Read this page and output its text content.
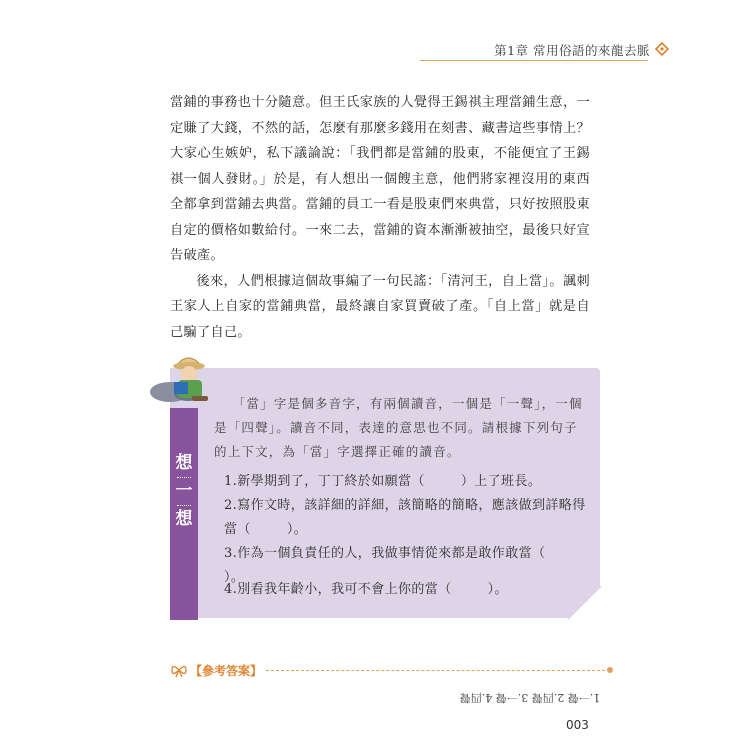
第1章 常用俗語的來龍去脈

當鋪的事務也十分隨意。但王氏家族的人覺得王錫祺主理當鋪生意，一定賺了大錢，不然的話，怎麼有那麼多錢用在刻書、藏書這些事情上？大家心生嫉妒，私下議論說：「我們都是當鋪的股東，不能便宜了王錫祺一個人發財。」於是，有人想出一個餿主意，他們將家裡沒用的東西全都拿到當鋪去典當。當鋪的員工一看是股東們來典當，只好按照股東自定的價格如數給付。一來二去，當鋪的資本漸漸被抽空，最後只好宣告破產。

後來，人們根據這個故事編了一句民謠：「清河王，自上當」。諷刺王家人上自家的當鋪典當，最終讓自家買賣破了產。「自上當」就是自己騙了自己。

想
一
想
「當」字是個多音字，有兩個讀音，一個是「一聲」，一個是「四聲」。讀音不同，表達的意思也不同。請根據下列句子的上下文，為「當」字選擇正確的讀音。
1.新學期到了，丁丁終於如願當（	）上了班長。
2.寫作文時，該詳細的詳細，該簡略的簡略，應該做到詳略得當（	）。
3.作為一個負責任的人，我做事情從來都是敢作敢當（）。
4.別看我年齡小，我可不會上你的當（	）。
【參考答案】
1.一聲 2.四聲 3.一聲 4.四聲
003
